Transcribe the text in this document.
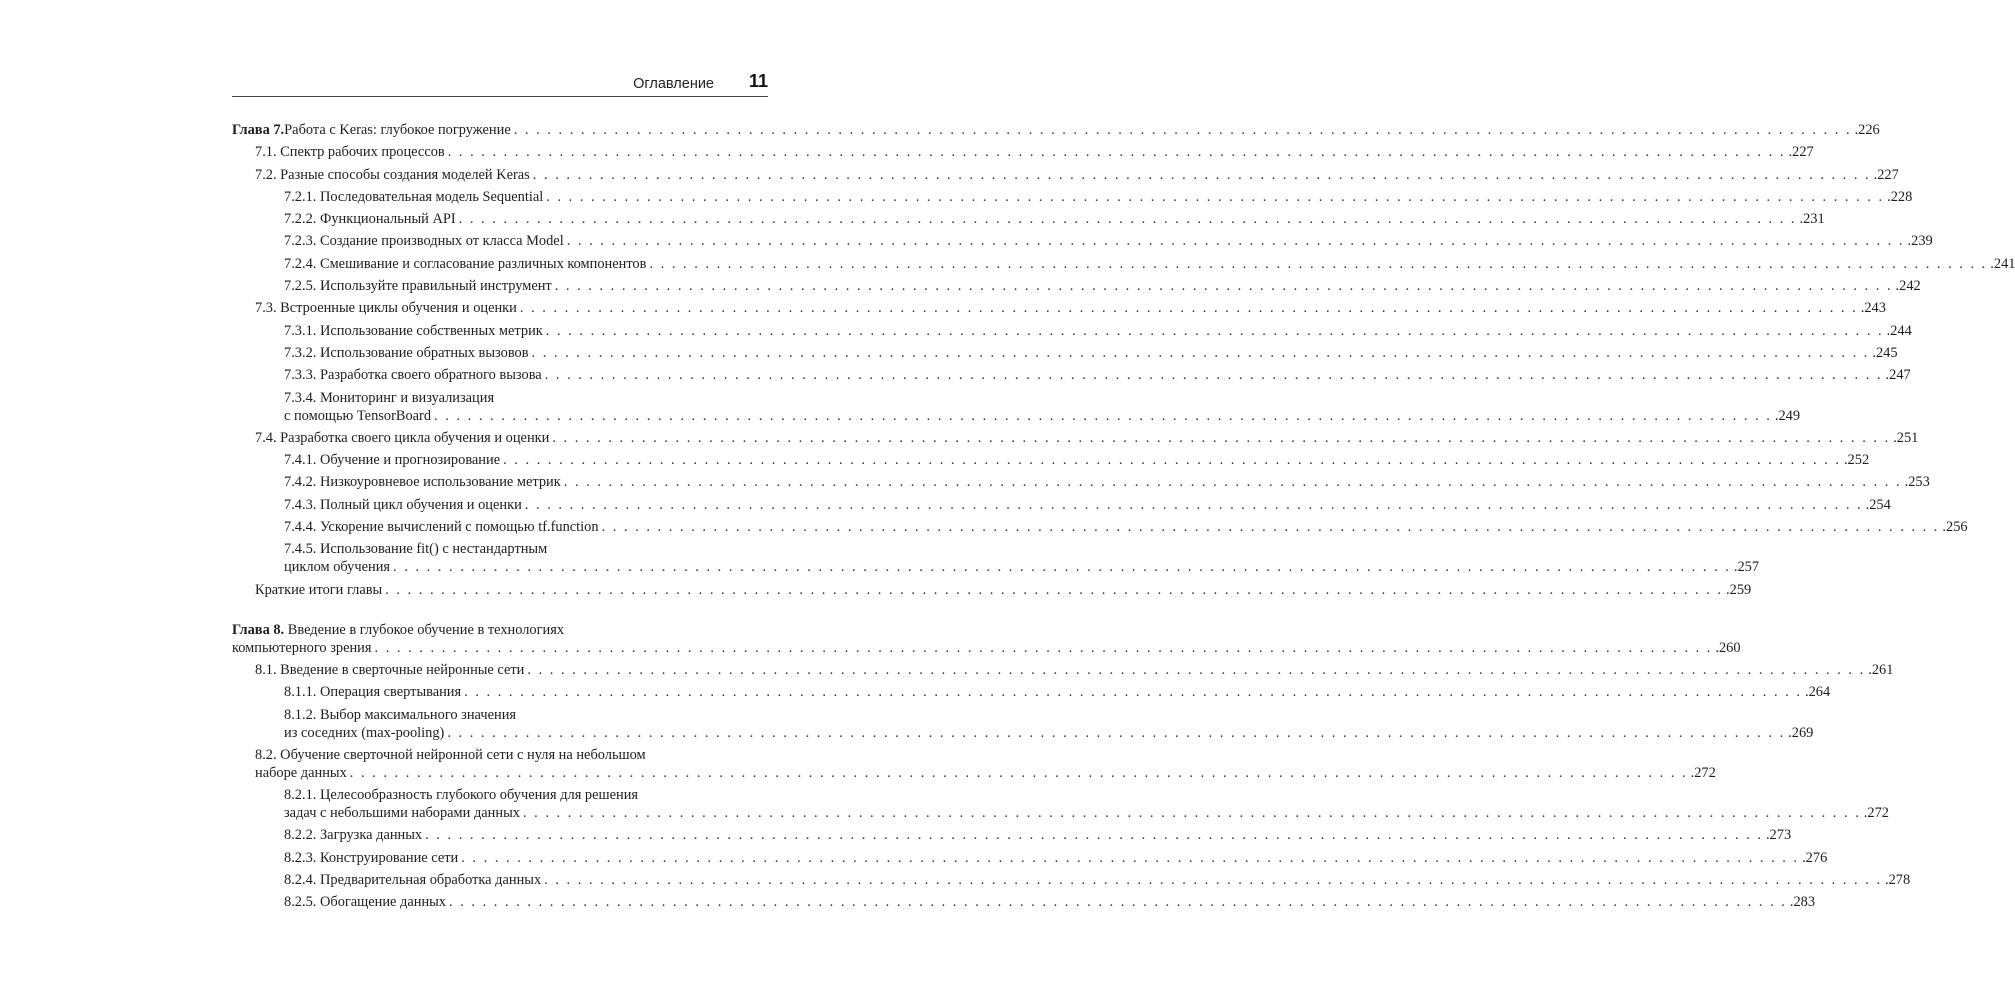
Оглавление 11
Глава 7. Работа с Keras: глубокое погружение . . . . . . . . . . . . . . . . . . . . . . . . . . . . . . . . . . . . . . . . . . . . . . . . . . . . . . . . . . . . . . . . . . . . . . . . . . . . . . . . . . . . . . . . . . . . . . . . . . . . . . . . . . . . . . . . . . . . . . . . .226
7.1. Спектр рабочих процессов . . . . . . . . . . . . . . . . . . . . . . . . . . . . . . . . . . . . . . . . . . . . . . . . . . . . . . . . . . . . . . . . . . . . . . . . . . . . . . . . . . . . . . . . . . . . . . . . . . . . . . . . . . . . . . . . . . . . . . . . .227
7.2. Разные способы создания моделей Keras . . . . . . . . . . . . . . . . . . . . . . . . . . . . . . . . . . . . . . . . . . . . . . . . . . . . . . . . . . . . . . . . . . . . . . . . . . . . . . . . . . . . . . . . . . . . . . . . . . . . . . . . . . . . . . . . . . . . . . . . .227
7.2.1. Последовательная модель Sequential . . . . . . . . . . . . . . . . . . . . . . . . . . . . . . . . . . . . . . . . . . . . . . . . . . . . . . . . . . . . . . . . . . . . . . . . . . . . . . . . . . . . . . . . . . . . . . . . . . . . . . . . . . . . . . . . . . . . . . . . .228
7.2.2. Функциональный API . . . . . . . . . . . . . . . . . . . . . . . . . . . . . . . . . . . . . . . . . . . . . . . . . . . . . . . . . . . . . . . . . . . . . . . . . . . . . . . . . . . . . . . . . . . . . . . . . . . . . . . . . . . . . . . . . . . . . . . . .231
7.2.3. Создание производных от класса Model . . . . . . . . . . . . . . . . . . . . . . . . . . . . . . . . . . . . . . . . . . . . . . . . . . . . . . . . . . . . . . . . . . . . . . . . . . . . . . . . . . . . . . . . . . . . . . . . . . . . . . . . . . . . . . . . . . . . . . . . .239
7.2.4. Смешивание и согласование различных компонентов . . . . . . . . . . . . . . . . . . . . . . . . . . . . . . . . . . . . . . . . . . . . . . . . . . . . . . . . . . . . . . . . . . . . . . . . . . . . . . . . . . . . . . . . . . . . . . . . . . . . . . . . . . . . . . . . . . . . . . . . .241
7.2.5. Используйте правильный инструмент . . . . . . . . . . . . . . . . . . . . . . . . . . . . . . . . . . . . . . . . . . . . . . . . . . . . . . . . . . . . . . . . . . . . . . . . . . . . . . . . . . . . . . . . . . . . . . . . . . . . . . . . . . . . . . . . . . . . . . . . .242
7.3. Встроенные циклы обучения и оценки . . . . . . . . . . . . . . . . . . . . . . . . . . . . . . . . . . . . . . . . . . . . . . . . . . . . . . . . . . . . . . . . . . . . . . . . . . . . . . . . . . . . . . . . . . . . . . . . . . . . . . . . . . . . . . . . . . . . . . . . .243
7.3.1. Использование собственных метрик . . . . . . . . . . . . . . . . . . . . . . . . . . . . . . . . . . . . . . . . . . . . . . . . . . . . . . . . . . . . . . . . . . . . . . . . . . . . . . . . . . . . . . . . . . . . . . . . . . . . . . . . . . . . . . . . . . . . . . . . .244
7.3.2. Использование обратных вызовов . . . . . . . . . . . . . . . . . . . . . . . . . . . . . . . . . . . . . . . . . . . . . . . . . . . . . . . . . . . . . . . . . . . . . . . . . . . . . . . . . . . . . . . . . . . . . . . . . . . . . . . . . . . . . . . . . . . . . . . . .245
7.3.3. Разработка своего обратного вызова . . . . . . . . . . . . . . . . . . . . . . . . . . . . . . . . . . . . . . . . . . . . . . . . . . . . . . . . . . . . . . . . . . . . . . . . . . . . . . . . . . . . . . . . . . . . . . . . . . . . . . . . . . . . . . . . . . . . . . . . .247
7.3.4. Мониторинг и визуализация
с помощью TensorBoard . . . . . . . . . . . . . . . . . . . . . . . . . . . . . . . . . . . . . . . . . . . . . . . . . . . . . . . . . . . . . . . . . . . . . . . . . . . . . . . . . . . . . . . . . . . . . . . . . . . . . . . . . . . . . . . . . . . . . . . . .249
7.4. Разработка своего цикла обучения и оценки . . . . . . . . . . . . . . . . . . . . . . . . . . . . . . . . . . . . . . . . . . . . . . . . . . . . . . . . . . . . . . . . . . . . . . . . . . . . . . . . . . . . . . . . . . . . . . . . . . . . . . . . . . . . . . . . . . . . . . . . .251
7.4.1. Обучение и прогнозирование . . . . . . . . . . . . . . . . . . . . . . . . . . . . . . . . . . . . . . . . . . . . . . . . . . . . . . . . . . . . . . . . . . . . . . . . . . . . . . . . . . . . . . . . . . . . . . . . . . . . . . . . . . . . . . . . . . . . . . . . .252
7.4.2. Низкоуровневое использование метрик . . . . . . . . . . . . . . . . . . . . . . . . . . . . . . . . . . . . . . . . . . . . . . . . . . . . . . . . . . . . . . . . . . . . . . . . . . . . . . . . . . . . . . . . . . . . . . . . . . . . . . . . . . . . . . . . . . . . . . . . .253
7.4.3. Полный цикл обучения и оценки . . . . . . . . . . . . . . . . . . . . . . . . . . . . . . . . . . . . . . . . . . . . . . . . . . . . . . . . . . . . . . . . . . . . . . . . . . . . . . . . . . . . . . . . . . . . . . . . . . . . . . . . . . . . . . . . . . . . . . . . .254
7.4.4. Ускорение вычислений с помощью tf.function . . . . . . . . . . . . . . . . . . . . . . . . . . . . . . . . . . . . . . . . . . . . . . . . . . . . . . . . . . . . . . . . . . . . . . . . . . . . . . . . . . . . . . . . . . . . . . . . . . . . . . . . . . . . . . . . . . . . . . . . .256
7.4.5. Использование fit() с нестандартным
циклом обучения . . . . . . . . . . . . . . . . . . . . . . . . . . . . . . . . . . . . . . . . . . . . . . . . . . . . . . . . . . . . . . . . . . . . . . . . . . . . . . . . . . . . . . . . . . . . . . . . . . . . . . . . . . . . . . . . . . . . . . . . .257
Краткие итоги главы . . . . . . . . . . . . . . . . . . . . . . . . . . . . . . . . . . . . . . . . . . . . . . . . . . . . . . . . . . . . . . . . . . . . . . . . . . . . . . . . . . . . . . . . . . . . . . . . . . . . . . . . . . . . . . . . . . . . . . . . .259
Глава 8. Введение в глубокое обучение в технологиях
компьютерного зрения . . . . . . . . . . . . . . . . . . . . . . . . . . . . . . . . . . . . . . . . . . . . . . . . . . . . . . . . . . . . . . . . . . . . . . . . . . . . . . . . . . . . . . . . . . . . . . . . . . . . . . . . . . . . . . . . . . . . . . . . .260
8.1. Введение в сверточные нейронные сети . . . . . . . . . . . . . . . . . . . . . . . . . . . . . . . . . . . . . . . . . . . . . . . . . . . . . . . . . . . . . . . . . . . . . . . . . . . . . . . . . . . . . . . . . . . . . . . . . . . . . . . . . . . . . . . . . . . . . . . . .261
8.1.1. Операция свертывания . . . . . . . . . . . . . . . . . . . . . . . . . . . . . . . . . . . . . . . . . . . . . . . . . . . . . . . . . . . . . . . . . . . . . . . . . . . . . . . . . . . . . . . . . . . . . . . . . . . . . . . . . . . . . . . . . . . . . . . . .264
8.1.2. Выбор максимального значения
из соседних (max-pooling) . . . . . . . . . . . . . . . . . . . . . . . . . . . . . . . . . . . . . . . . . . . . . . . . . . . . . . . . . . . . . . . . . . . . . . . . . . . . . . . . . . . . . . . . . . . . . . . . . . . . . . . . . . . . . . . . . . . . . . . . .269
8.2. Обучение сверточной нейронной сети с нуля на небольшом
наборе данных . . . . . . . . . . . . . . . . . . . . . . . . . . . . . . . . . . . . . . . . . . . . . . . . . . . . . . . . . . . . . . . . . . . . . . . . . . . . . . . . . . . . . . . . . . . . . . . . . . . . . . . . . . . . . . . . . . . . . . . . .272
8.2.1. Целесообразность глубокого обучения для решения
задач с небольшими наборами данных . . . . . . . . . . . . . . . . . . . . . . . . . . . . . . . . . . . . . . . . . . . . . . . . . . . . . . . . . . . . . . . . . . . . . . . . . . . . . . . . . . . . . . . . . . . . . . . . . . . . . . . . . . . . . . . . . . . . . . . . .272
8.2.2. Загрузка данных . . . . . . . . . . . . . . . . . . . . . . . . . . . . . . . . . . . . . . . . . . . . . . . . . . . . . . . . . . . . . . . . . . . . . . . . . . . . . . . . . . . . . . . . . . . . . . . . . . . . . . . . . . . . . . . . . . . . . . . . .273
8.2.3. Конструирование сети . . . . . . . . . . . . . . . . . . . . . . . . . . . . . . . . . . . . . . . . . . . . . . . . . . . . . . . . . . . . . . . . . . . . . . . . . . . . . . . . . . . . . . . . . . . . . . . . . . . . . . . . . . . . . . . . . . . . . . . . .276
8.2.4. Предварительная обработка данных . . . . . . . . . . . . . . . . . . . . . . . . . . . . . . . . . . . . . . . . . . . . . . . . . . . . . . . . . . . . . . . . . . . . . . . . . . . . . . . . . . . . . . . . . . . . . . . . . . . . . . . . . . . . . . . . . . . . . . . . .278
8.2.5. Обогащение данных . . . . . . . . . . . . . . . . . . . . . . . . . . . . . . . . . . . . . . . . . . . . . . . . . . . . . . . . . . . . . . . . . . . . . . . . . . . . . . . . . . . . . . . . . . . . . . . . . . . . . . . . . . . . . . . . . . . . . . . . .283
